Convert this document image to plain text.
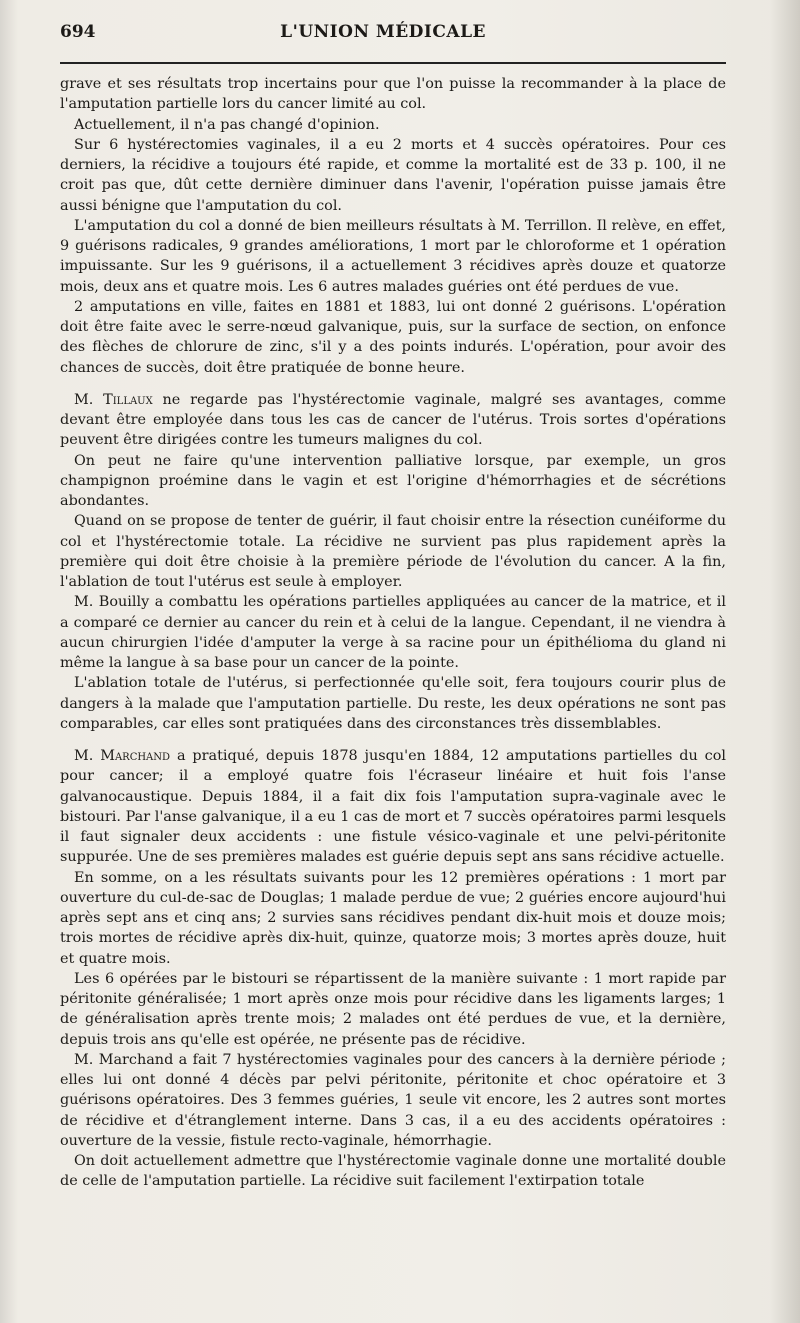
694	L'UNION MÉDICALE

grave et ses résultats trop incertains pour que l'on puisse la recommander à la place de l'amputation partielle lors du cancer limité au col.

Actuellement, il n'a pas changé d'opinion.

Sur 6 hystérectomies vaginales, il a eu 2 morts et 4 succès opératoires. Pour ces derniers, la récidive a toujours été rapide, et comme la mortalité est de 33 p. 100, il ne croit pas que, dût cette dernière diminuer dans l'avenir, l'opération puisse jamais être aussi bénigne que l'amputation du col.

L'amputation du col a donné de bien meilleurs résultats à M. Terrillon. Il relève, en effet, 9 guérisons radicales, 9 grandes améliorations, 1 mort par le chloroforme et 1 opération impuissante. Sur les 9 guérisons, il a actuellement 3 récidives après douze et quatorze mois, deux ans et quatre mois. Les 6 autres malades guéries ont été perdues de vue.

2 amputations en ville, faites en 1881 et 1883, lui ont donné 2 guérisons. L'opération doit être faite avec le serre-nœud galvanique, puis, sur la surface de section, on enfonce des flèches de chlorure de zinc, s'il y a des points indurés. L'opération, pour avoir des chances de succès, doit être pratiquée de bonne heure.

M. Tillaux ne regarde pas l'hystérectomie vaginale, malgré ses avantages, comme devant être employée dans tous les cas de cancer de l'utérus. Trois sortes d'opérations peuvent être dirigées contre les tumeurs malignes du col.

On peut ne faire qu'une intervention palliative lorsque, par exemple, un gros champignon proémine dans le vagin et est l'origine d'hémorrhagies et de sécrétions abondantes.

Quand on se propose de tenter de guérir, il faut choisir entre la résection cunéiforme du col et l'hystérectomie totale. La récidive ne survient pas plus rapidement après la première qui doit être choisie à la première période de l'évolution du cancer. A la fin, l'ablation de tout l'utérus est seule à employer.

M. Bouilly a combattu les opérations partielles appliquées au cancer de la matrice, et il a comparé ce dernier au cancer du rein et à celui de la langue. Cependant, il ne viendra à aucun chirurgien l'idée d'amputer la verge à sa racine pour un épithélioma du gland ni même la langue à sa base pour un cancer de la pointe.

L'ablation totale de l'utérus, si perfectionnée qu'elle soit, fera toujours courir plus de dangers à la malade que l'amputation partielle. Du reste, les deux opérations ne sont pas comparables, car elles sont pratiquées dans des circonstances très dissemblables.

M. Marchand a pratiqué, depuis 1878 jusqu'en 1884, 12 amputations partielles du col pour cancer; il a employé quatre fois l'écraseur linéaire et huit fois l'anse galvanocaustique. Depuis 1884, il a fait dix fois l'amputation supra-vaginale avec le bistouri. Par l'anse galvanique, il a eu 1 cas de mort et 7 succès opératoires parmi lesquels il faut signaler deux accidents : une fistule vésico-vaginale et une pelvi-péritonite suppurée. Une de ses premières malades est guérie depuis sept ans sans récidive actuelle.

En somme, on a les résultats suivants pour les 12 premières opérations : 1 mort par ouverture du cul-de-sac de Douglas; 1 malade perdue de vue; 2 guéries encore aujourd'hui après sept ans et cinq ans; 2 survies sans récidives pendant dix-huit mois et douze mois; trois mortes de récidive après dix-huit, quinze, quatorze mois; 3 mortes après douze, huit et quatre mois.

Les 6 opérées par le bistouri se répartissent de la manière suivante : 1 mort rapide par péritonite généralisée; 1 mort après onze mois pour récidive dans les ligaments larges; 1 de généralisation après trente mois; 2 malades ont été perdues de vue, et la dernière, depuis trois ans qu'elle est opérée, ne présente pas de récidive.

M. Marchand a fait 7 hystérectomies vaginales pour des cancers à la dernière période ; elles lui ont donné 4 décès par pelvi péritonite, péritonite et choc opératoire et 3 guérisons opératoires. Des 3 femmes guéries, 1 seule vit encore, les 2 autres sont mortes de récidive et d'étranglement interne. Dans 3 cas, il a eu des accidents opératoires : ouverture de la vessie, fistule recto-vaginale, hémorrhagie.

On doit actuellement admettre que l'hystérectomie vaginale donne une mortalité double de celle de l'amputation partielle. La récidive suit facilement l'extirpation totale
